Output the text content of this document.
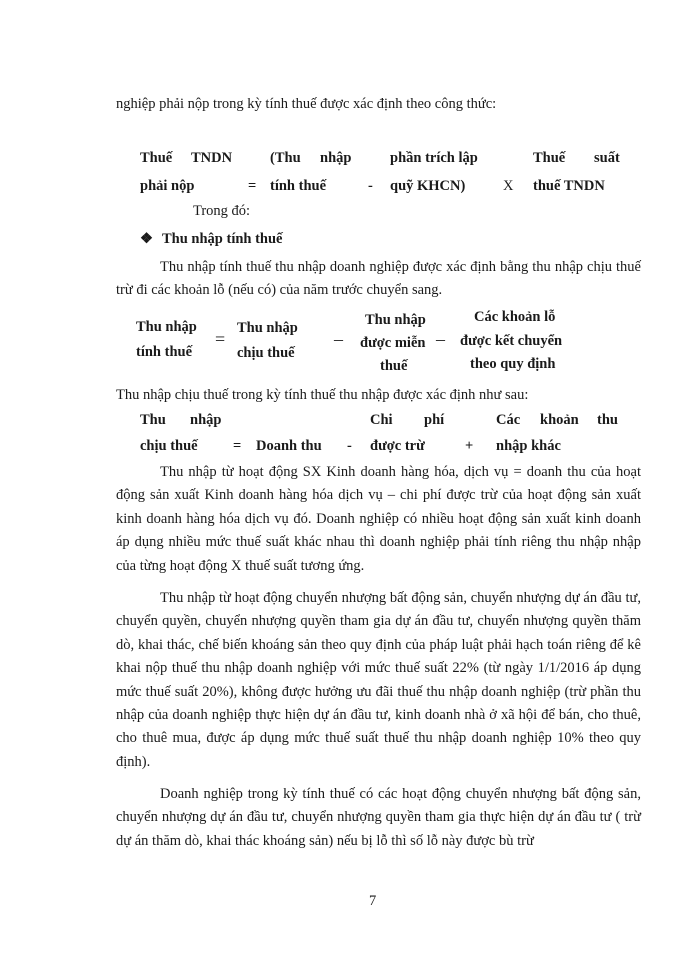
nghiệp phải nộp trong kỳ tính thuế được xác định theo công thức:
Thuế TNDN
phải nộp	=
(Thu nhập
tính thuế	-
phần trích lập
quỹ KHCN)	X
Thuế suất
thuế TNDN
Trong đó:
❖ Thu nhập tính thuế

Thu nhập tính thuế thu nhập doanh nghiệp được xác định bằng thu nhập chịu thuế trừ đi các khoản lỗ (nếu có) của năm trước chuyển sang.

Thu nhập
tính thuế
=
Thu nhập
chịu thuế
–
Thu nhập
được miễn
thuế
–
Các khoản lỗ
được kết chuyển
theo quy định
Thu nhập chịu thuế trong kỳ tính thuế thu nhập được xác định như sau:
Thu nhập
chịu thuế = Doanh thu -
Chi phí
được trừ	+
Các khoản thu
nhập khác

Thu nhập từ hoạt động SX Kinh doanh hàng hóa, dịch vụ = doanh thu của hoạt động sản xuất Kinh doanh hàng hóa dịch vụ – chi phí được trừ của hoạt động sản xuất kinh doanh hàng hóa dịch vụ đó. Doanh nghiệp có nhiều hoạt động sản xuất kinh doanh áp dụng nhiều mức thuế suất khác nhau thì doanh nghiệp phải tính riêng thu nhập nhập của từng hoạt động X thuế suất tương ứng.

Thu nhập từ hoạt động chuyển nhượng bất động sản, chuyển nhượng dự án đầu tư, chuyển quyền, chuyển nhượng quyền tham gia dự án đầu tư, chuyển nhượng quyền thăm dò, khai thác, chế biến khoáng sản theo quy định của pháp luật phải hạch toán riêng để kê khai nộp thuế thu nhập doanh nghiệp với mức thuế suất 22% (từ ngày 1/1/2016 áp dụng mức thuế suất 20%), không được hưởng ưu đãi thuế thu nhập doanh nghiệp (trừ phần thu nhập của doanh nghiệp thực hiện dự án đầu tư, kinh doanh nhà ở xã hội để bán, cho thuê, cho thuê mua, được áp dụng mức thuế suất thuế thu nhập doanh nghiệp 10% theo quy định).

Doanh nghiệp trong kỳ tính thuế có các hoạt động chuyển nhượng bất động sản, chuyển nhượng dự án đầu tư, chuyển nhượng quyền tham gia thực hiện dự án đầu tư ( trừ dự án thăm dò, khai thác khoáng sản) nếu bị lỗ thì số lỗ này được bù trừ

7
